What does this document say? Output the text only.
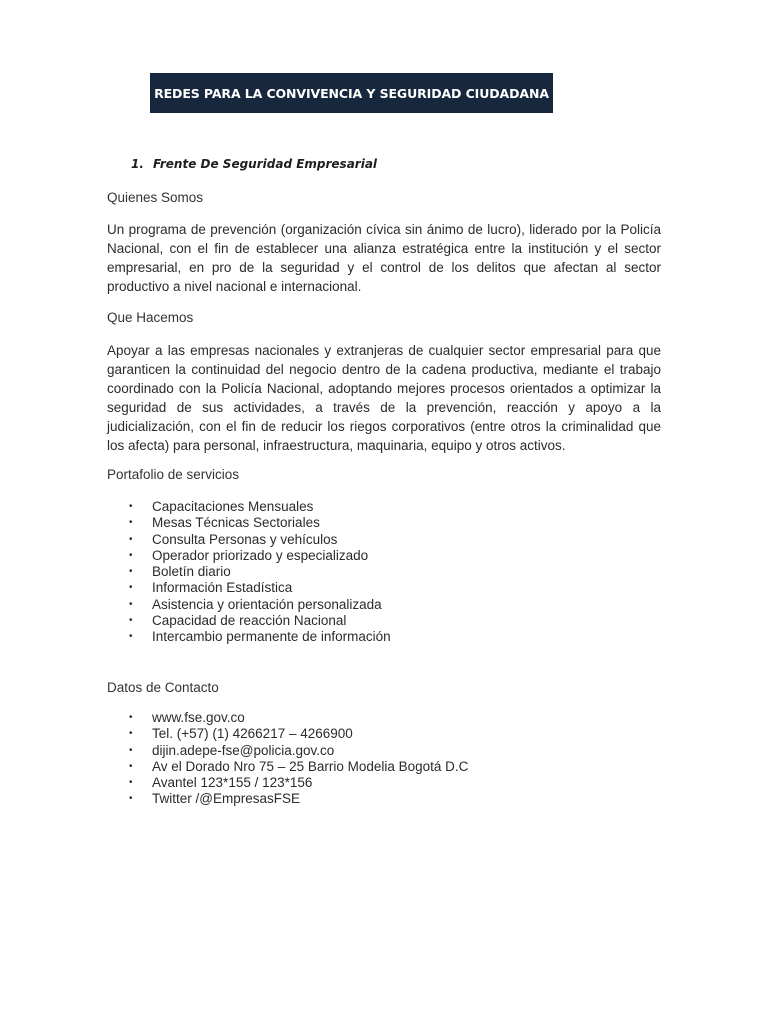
REDES PARA LA CONVIVENCIA Y SEGURIDAD CIUDADANA
1. Frente De Seguridad Empresarial
Quienes Somos
Un programa de prevención (organización cívica sin ánimo de lucro), liderado por la Policía Nacional, con el fin de establecer una alianza estratégica entre la institución y el sector empresarial, en pro de la seguridad y el control de los delitos que afectan al sector productivo a nivel nacional e internacional.
Que Hacemos
Apoyar a las empresas nacionales y extranjeras de cualquier sector empresarial para que garanticen la continuidad del negocio dentro de la cadena productiva, mediante el trabajo coordinado con la Policía Nacional, adoptando mejores procesos orientados a optimizar la seguridad de sus actividades, a través de la prevención, reacción y apoyo a la judicialización, con el fin de reducir los riegos corporativos (entre otros la criminalidad que los afecta) para personal, infraestructura, maquinaria, equipo y otros activos.
Portafolio de servicios
• Capacitaciones Mensuales
• Mesas Técnicas Sectoriales
• Consulta Personas y vehículos
• Operador priorizado y especializado
• Boletín diario
• Información Estadística
• Asistencia y orientación personalizada
• Capacidad de reacción Nacional
• Intercambio permanente de información
Datos de Contacto
• www.fse.gov.co
• Tel. (+57) (1) 4266217 – 4266900
• dijin.adepe-fse@policia.gov.co
• Av el Dorado Nro 75 – 25 Barrio Modelia Bogotá D.C
• Avantel 123*155 / 123*156
• Twitter /@EmpresasFSE
